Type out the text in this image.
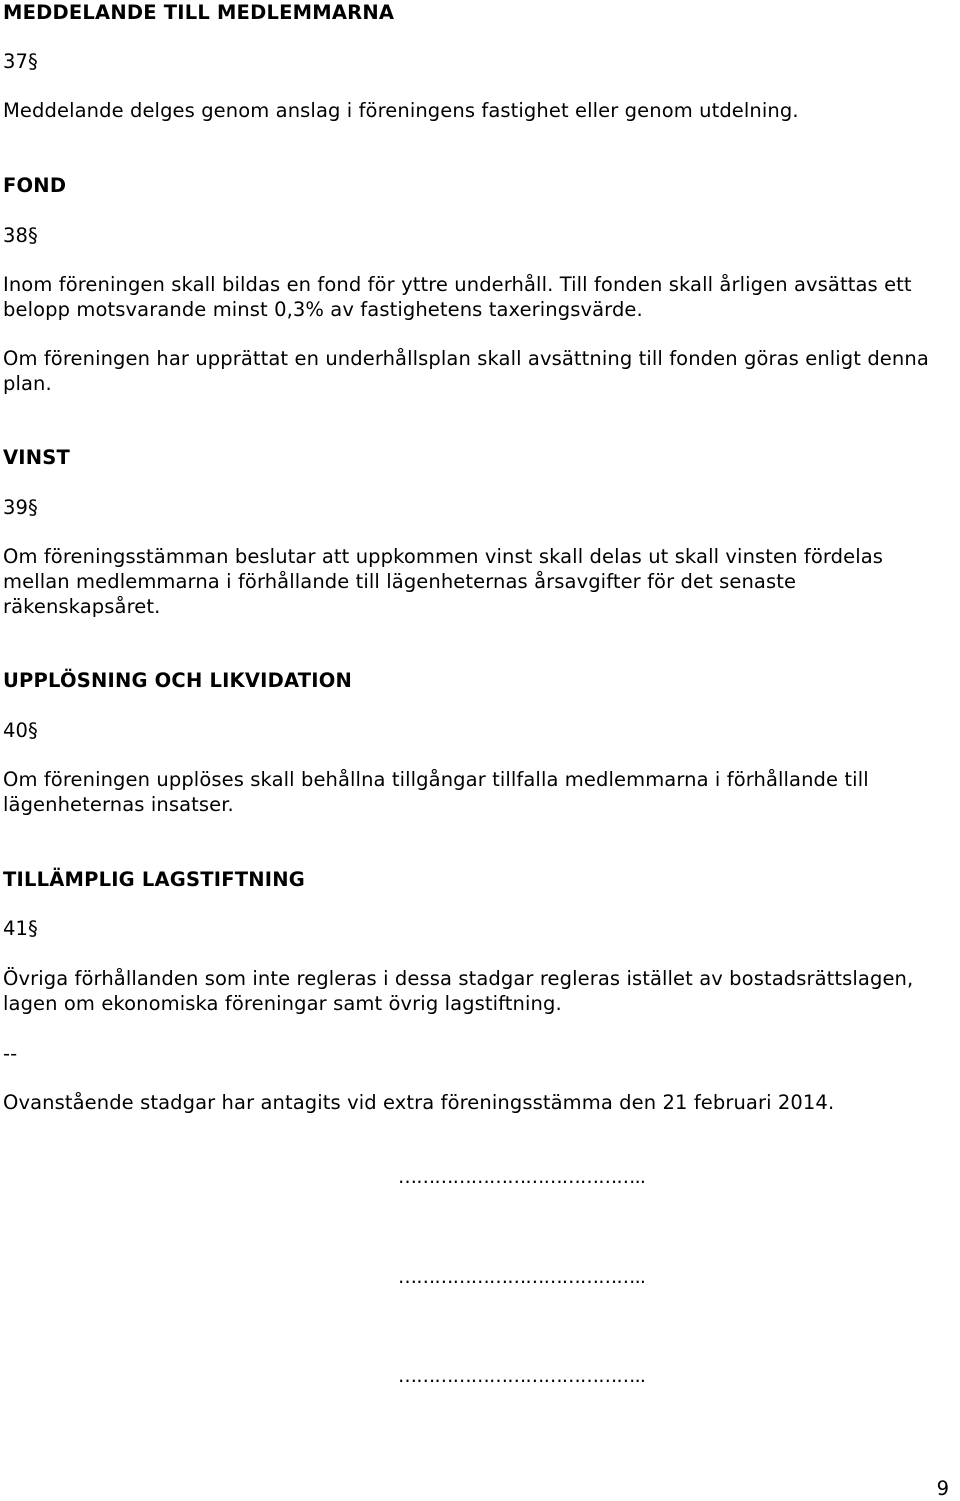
MEDDELANDE TILL MEDLEMMARNA

37§

Meddelande delges genom anslag i föreningens fastighet eller genom utdelning.

FOND

38§

Inom föreningen skall bildas en fond för yttre underhåll. Till fonden skall årligen avsättas ett belopp motsvarande minst 0,3% av fastighetens taxeringsvärde.

Om föreningen har upprättat en underhållsplan skall avsättning till fonden göras enligt denna plan.

VINST

39§

Om föreningsstämman beslutar att uppkommen vinst skall delas ut skall vinsten fördelas mellan medlemmarna i förhållande till lägenheternas årsavgifter för det senaste räkenskapsåret.

UPPLÖSNING OCH LIKVIDATION

40§

Om föreningen upplöses skall behållna tillgångar tillfalla medlemmarna i förhållande till lägenheternas insatser.

TILLÄMPLIG LAGSTIFTNING

41§

Övriga förhållanden som inte regleras i dessa stadgar regleras istället av bostadsrättslagen, lagen om ekonomiska föreningar samt övrig lagstiftning.

--

Ovanstående stadgar har antagits vid extra föreningsstämma den 21 februari 2014.

…………………………………..

…………………………………..

…………………………………..

9
